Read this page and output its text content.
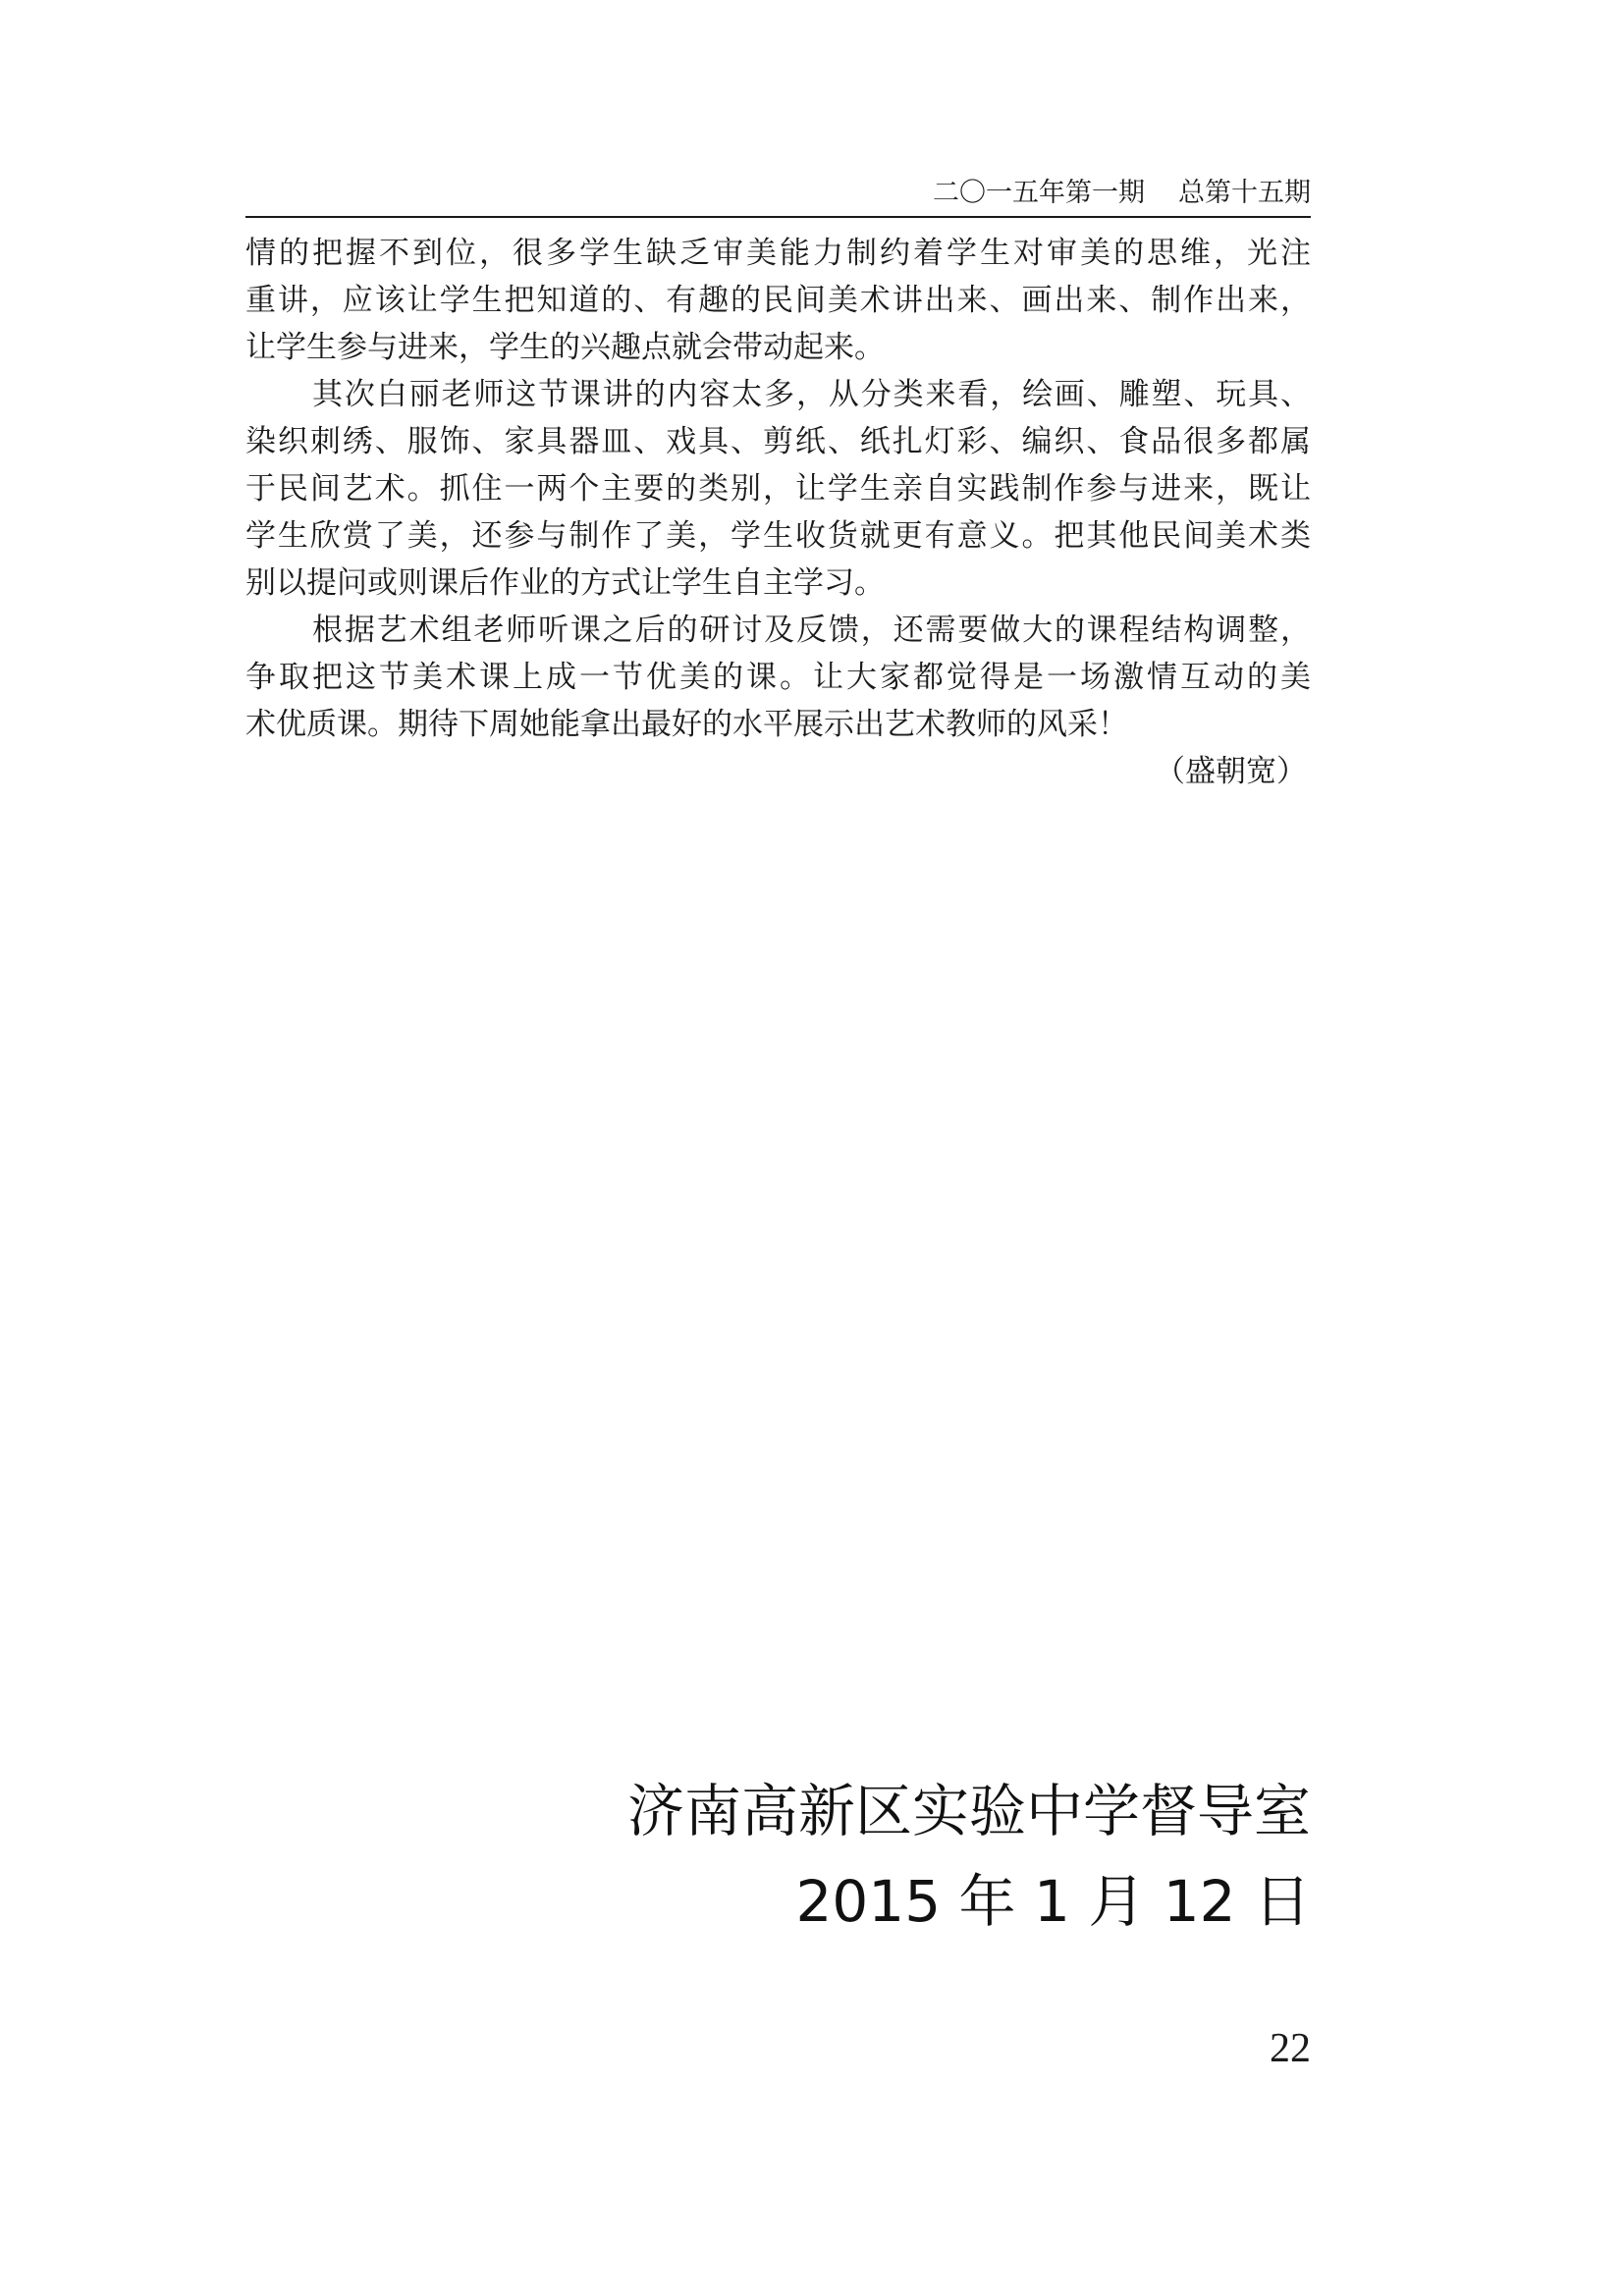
二〇一五年第一期 总第十五期
情的把握不到位，很多学生缺乏审美能力制约着学生对审美的思维，光注
重讲，应该让学生把知道的、有趣的民间美术讲出来、画出来、制作出来，
让学生参与进来，学生的兴趣点就会带动起来。
其次白丽老师这节课讲的内容太多，从分类来看，绘画、雕塑、玩具、
染织刺绣、服饰、家具器皿、戏具、剪纸、纸扎灯彩、编织、食品很多都属
于民间艺术。抓住一两个主要的类别，让学生亲自实践制作参与进来，既让
学生欣赏了美，还参与制作了美，学生收货就更有意义。把其他民间美术类
别以提问或则课后作业的方式让学生自主学习。
根据艺术组老师听课之后的研讨及反馈，还需要做大的课程结构调整，
争取把这节美术课上成一节优美的课。让大家都觉得是一场激情互动的美
术优质课。期待下周她能拿出最好的水平展示出艺术教师的风采！
（盛朝宽）
济南高新区实验中学督导室
2015 年 1 月 12 日
22
